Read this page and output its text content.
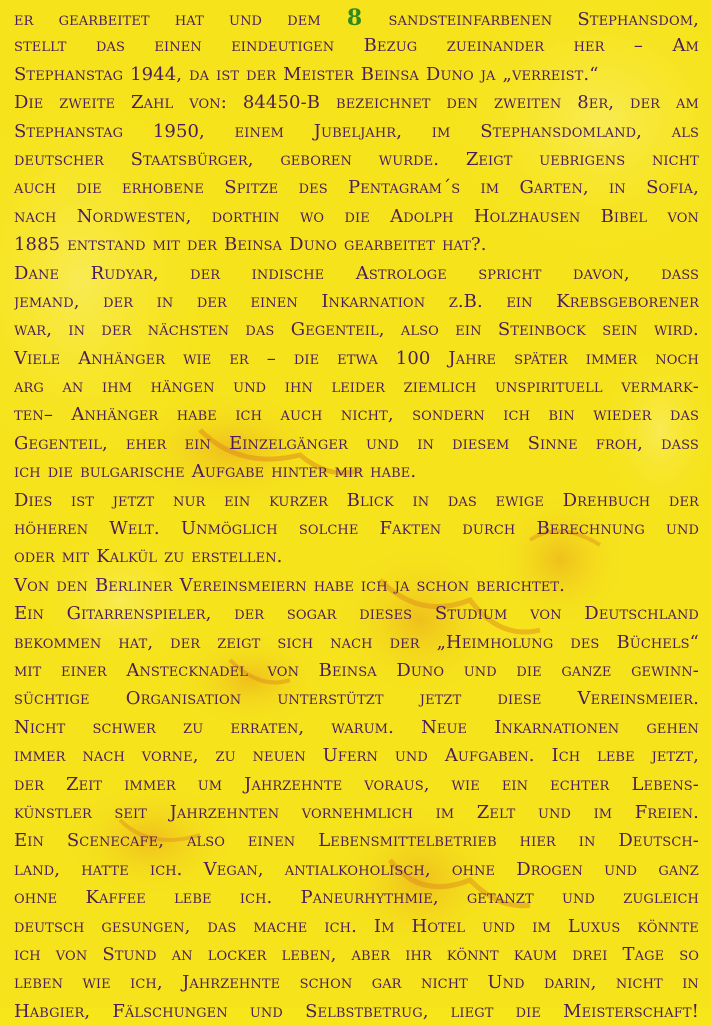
er gearbeitet hat und dem 8 sandsteinfarbenen Stephansdom,
stellt das einen eindeutigen Bezug zueinander her – Am
Stephanstag 1944, da ist der Meister Beinsa Duno ja „verreist.“
Die zweite Zahl von: 84450-B bezeichnet den zweiten 8er, der am
Stephanstag 1950, einem Jubeljahr, im Stephansdomland, als
deutscher Staatsbürger, geboren wurde. Zeigt uebrigens nicht
auch die erhobene Spitze des Pentagram´s im Garten, in Sofia,
nach Nordwesten, dorthin wo die Adolph Holzhausen Bibel von
1885 entstand mit der Beinsa Duno gearbeitet hat?.
Dane Rudyar, der indische Astrologe spricht davon, dass
jemand, der in der einen Inkarnation z.B. ein Krebsgeborener
war, in der nächsten das Gegenteil, also ein Steinbock sein wird.
Viele Anhänger wie er – die etwa 100 Jahre später immer noch
arg an ihm hängen und ihn leider ziemlich unspirituell vermark-
ten– Anhänger habe ich auch nicht, sondern ich bin wieder das
Gegenteil, eher ein Einzelgänger und in diesem Sinne froh, dass
ich die bulgarische Aufgabe hinter mir habe.
Dies ist jetzt nur ein kurzer Blick in das ewige Drehbuch der
höheren Welt. Unmöglich solche Fakten durch Berechnung und
oder mit Kalkül zu erstellen.
Von den Berliner Vereinsmeiern habe ich ja schon berichtet.
Ein Gitarrenspieler, der sogar dieses Studium von Deutschland
bekommen hat, der zeigt sich nach der „Heimholung des Büchels“
mit einer Anstecknadel von Beinsa Duno und die ganze gewinn-
süchtige Organisation unterstützt jetzt diese Vereinsmeier.
Nicht schwer zu erraten, warum. Neue Inkarnationen gehen
immer nach vorne, zu neuen Ufern und Aufgaben. Ich lebe jetzt,
der Zeit immer um Jahrzehnte voraus, wie ein echter Lebens-
künstler seit Jahrzehnten vornehmlich im Zelt und im Freien.
Ein Scenecafe, also einen Lebensmittelbetrieb hier in Deutsch-
land, hatte ich. Vegan, antialkoholisch, ohne Drogen und ganz
ohne Kaffee lebe ich. Paneurhythmie, getanzt und zugleich
deutsch gesungen, das mache ich. Im Hotel und im Luxus könnte
ich von Stund an locker leben, aber ihr könnt kaum drei Tage so
leben wie ich, Jahrzehnte schon gar nicht Und darin, nicht in
Habgier, Fälschungen und Selbstbetrug, liegt die Meisterschaft!
